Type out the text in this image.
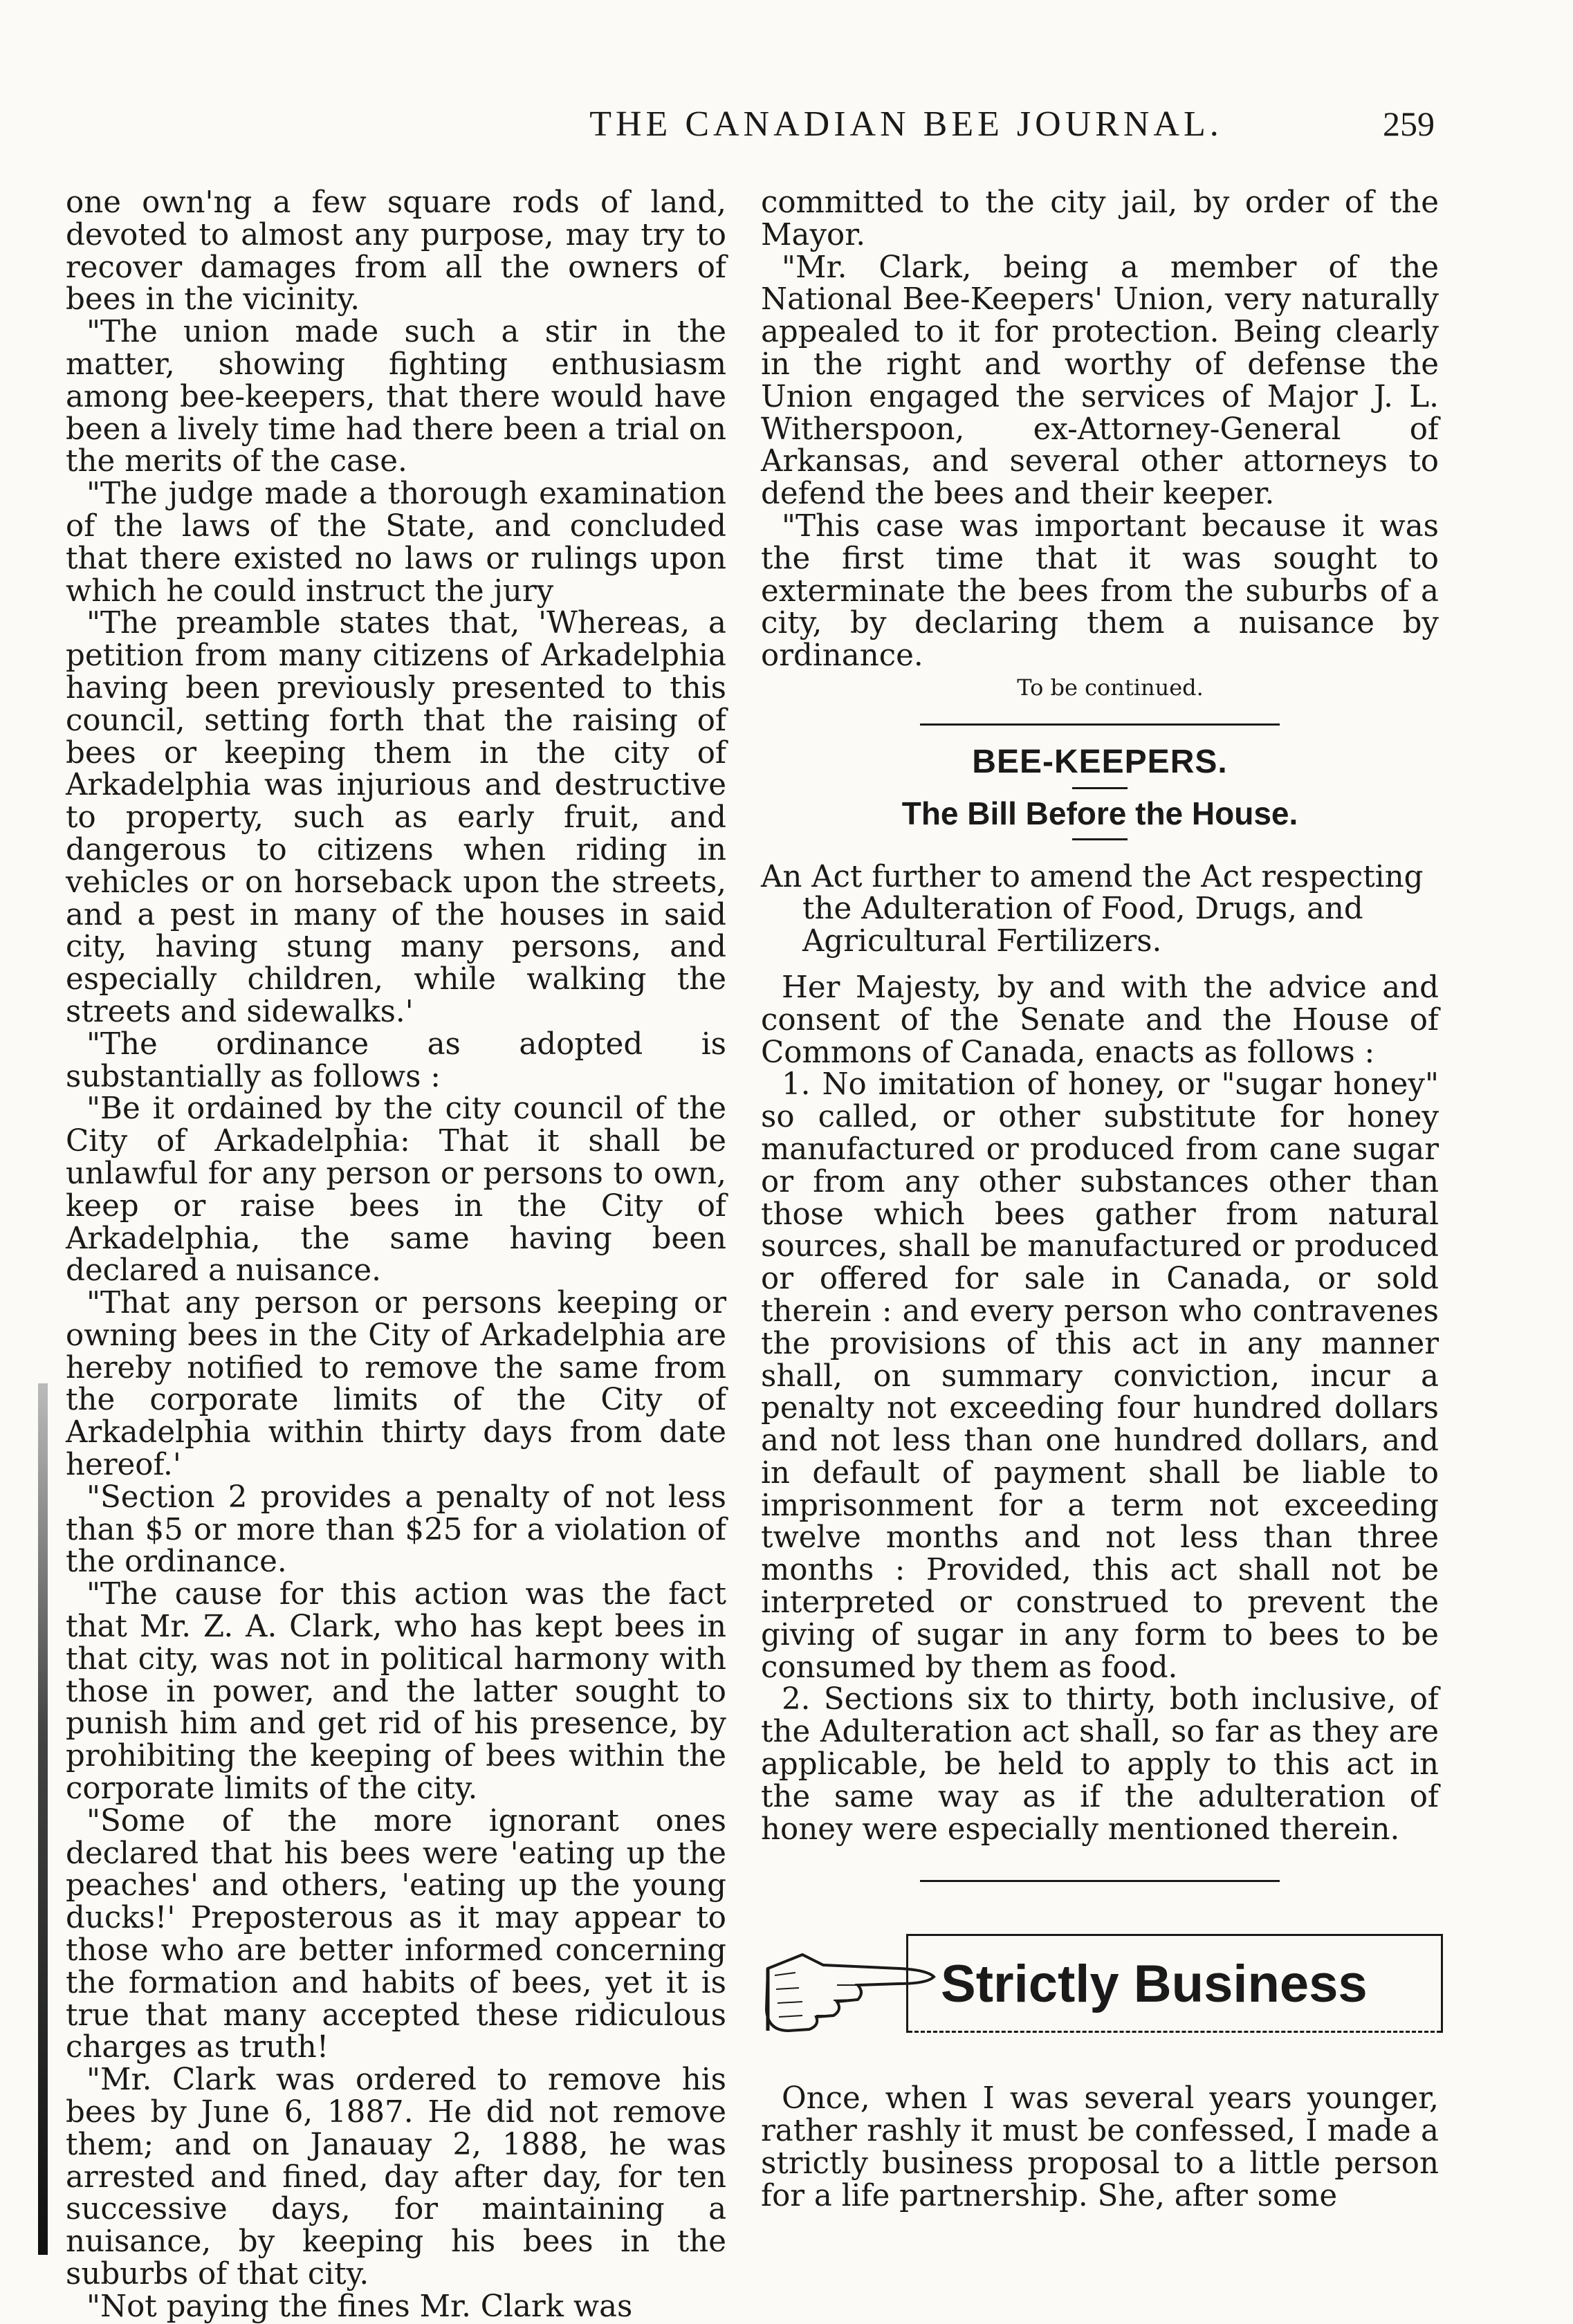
THE CANADIAN BEE JOURNAL.	259

one own'ng a few square rods of land, devoted to almost any purpose, may try to recover damages from all the owners of bees in the vicinity.

"The union made such a stir in the matter, showing fighting enthusiasm among bee-keepers, that there would have been a lively time had there been a trial on the merits of the case.

"The judge made a thorough examination of the laws of the State, and concluded that there existed no laws or rulings upon which he could instruct the jury

"The preamble states that, 'Whereas, a petition from many citizens of Arkadelphia having been previously presented to this council, setting forth that the raising of bees or keeping them in the city of Arkadelphia was injurious and destructive to property, such as early fruit, and dangerous to citizens when riding in vehicles or on horseback upon the streets, and a pest in many of the houses in said city, having stung many persons, and especially children, while walking the streets and sidewalks.'

"The ordinance as adopted is substantially as follows :

"Be it ordained by the city council of the City of Arkadelphia: That it shall be unlawful for any person or persons to own, keep or raise bees in the City of Arkadelphia, the same having been declared a nuisance.

"That any person or persons keeping or owning bees in the City of Arkadelphia are hereby notified to remove the same from the corporate limits of the City of Arkadelphia within thirty days from date hereof.'

"Section 2 provides a penalty of not less than $5 or more than $25 for a violation of the ordinance.

"The cause for this action was the fact that Mr. Z. A. Clark, who has kept bees in that city, was not in political harmony with those in power, and the latter sought to punish him and get rid of his presence, by prohibiting the keeping of bees within the corporate limits of the city.

"Some of the more ignorant ones declared that his bees were 'eating up the peaches' and others, 'eating up the young ducks!' Preposterous as it may appear to those who are better informed concerning the formation and habits of bees, yet it is true that many accepted these ridiculous charges as truth!

"Mr. Clark was ordered to remove his bees by June 6, 1887. He did not remove them; and on Janauay 2, 1888, he was arrested and fined, day after day, for ten successive days, for maintaining a nuisance, by keeping his bees in the suburbs of that city.

"Not paying the fines Mr. Clark was

committed to the city jail, by order of the Mayor.

"Mr. Clark, being a member of the National Bee-Keepers' Union, very naturally appealed to it for protection. Being clearly in the right and worthy of defense the Union engaged the services of Major J. L. Witherspoon, ex-Attorney-General of Arkansas, and several other attorneys to defend the bees and their keeper.

"This case was important because it was the first time that it was sought to exterminate the bees from the suburbs of a city, by declaring them a nuisance by ordinance.

To be continued.

BEE-KEEPERS.
The Bill Before the House.

An Act further to amend the Act respecting the Adulteration of Food, Drugs, and Agricultural Fertilizers.

Her Majesty, by and with the advice and consent of the Senate and the House of Commons of Canada, enacts as follows :

1. No imitation of honey, or "sugar honey" so called, or other substitute for honey manufactured or produced from cane sugar or from any other substances other than those which bees gather from natural sources, shall be manufactured or produced or offered for sale in Canada, or sold therein : and every person who contravenes the provisions of this act in any manner shall, on summary conviction, incur a penalty not exceeding four hundred dollars and not less than one hundred dollars, and in default of payment shall be liable to imprisonment for a term not exceeding twelve months and not less than three months : Provided, this act shall not be interpreted or construed to prevent the giving of sugar in any form to bees to be consumed by them as food.

2. Sections six to thirty, both inclusive, of the Adulteration act shall, so far as they are applicable, be held to apply to this act in the same way as if the adulteration of honey were especially mentioned therein.

Strictly Business

Once, when I was several years younger, rather rashly it must be confessed, I made a strictly business proposal to a little person for a life partnership. She, after some
